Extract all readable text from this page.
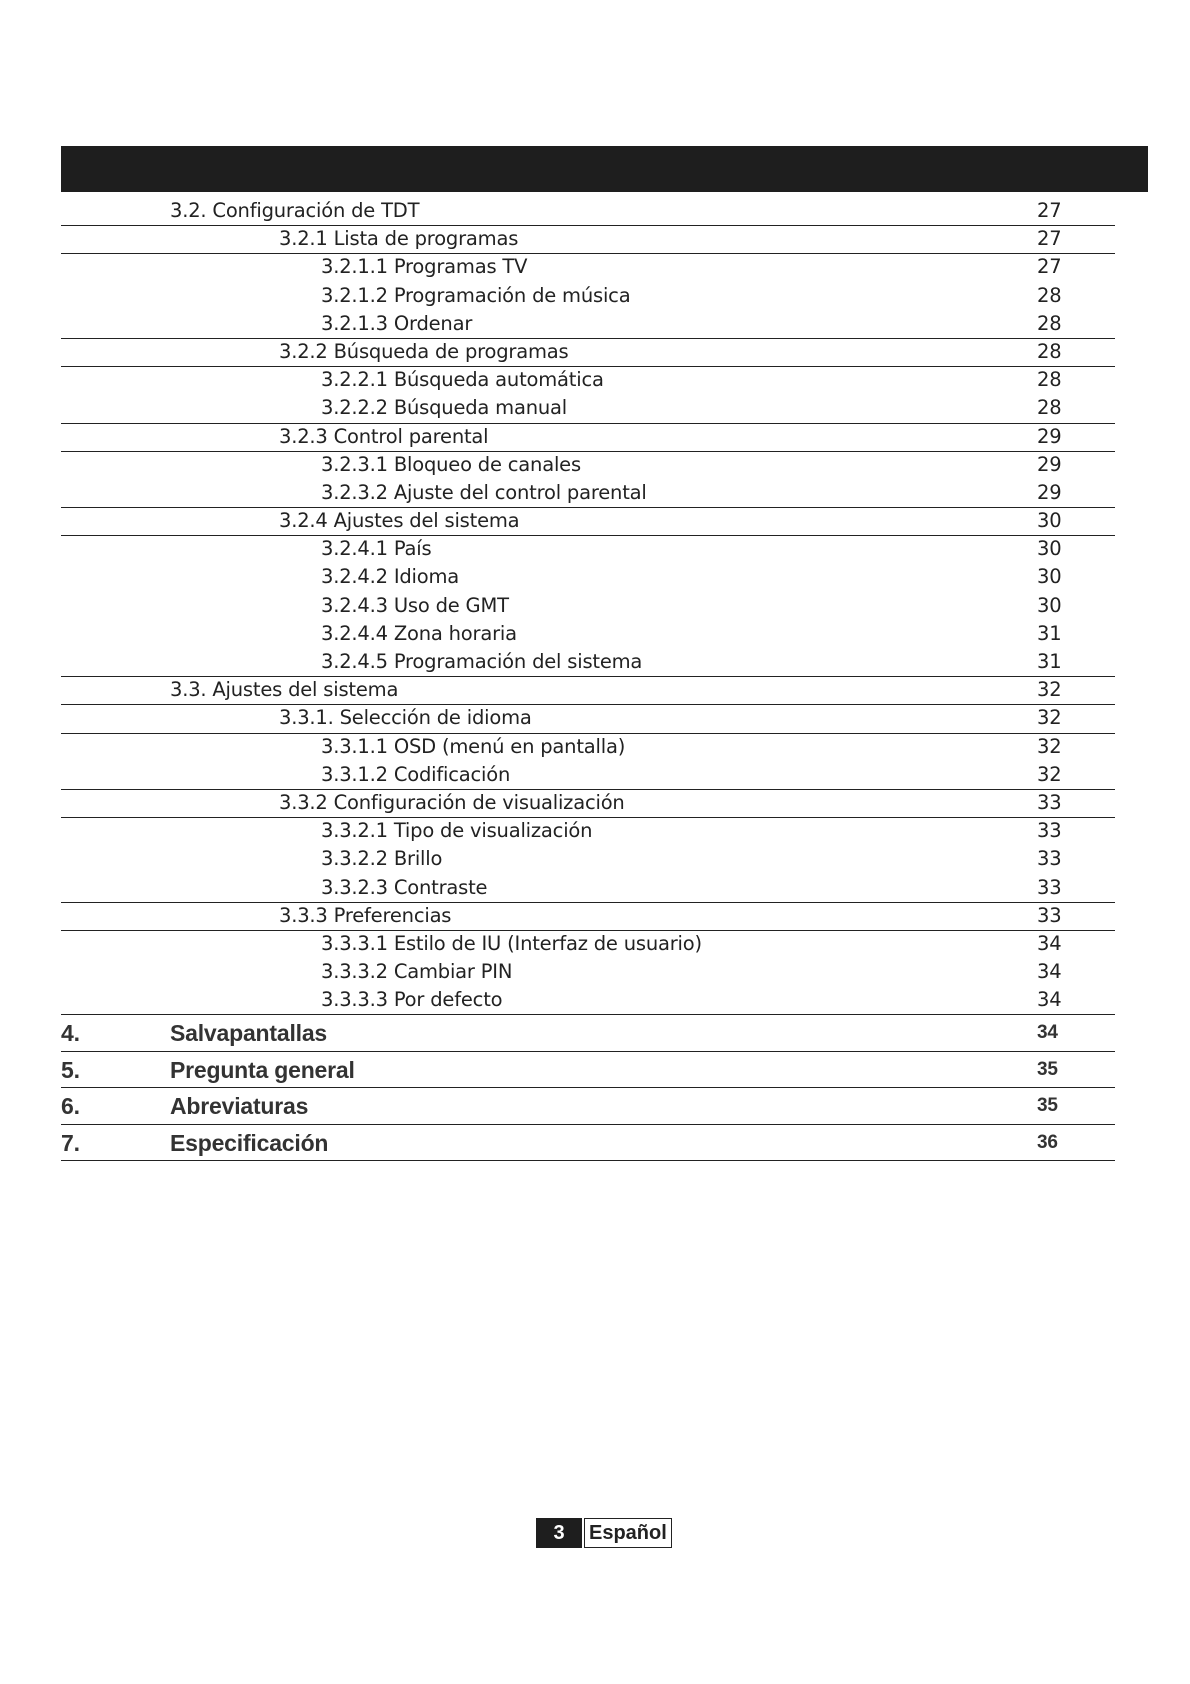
3.2. Configuración de TDT	27
3.2.1 Lista de programas	27
3.2.1.1 Programas TV	27
3.2.1.2 Programación de música	28
3.2.1.3 Ordenar	28
3.2.2 Búsqueda de programas	28
3.2.2.1 Búsqueda automática	28
3.2.2.2 Búsqueda manual	28
3.2.3 Control parental	29
3.2.3.1 Bloqueo de canales	29
3.2.3.2 Ajuste del control parental	29
3.2.4 Ajustes del sistema	30
3.2.4.1 País	30
3.2.4.2 Idioma	30
3.2.4.3 Uso de GMT	30
3.2.4.4 Zona horaria	31
3.2.4.5 Programación del sistema	31
3.3. Ajustes del sistema	32
3.3.1. Selección de idioma	32
3.3.1.1 OSD (menú en pantalla)	32
3.3.1.2 Codificación	32
3.3.2 Configuración de visualización	33
3.3.2.1 Tipo de visualización	33
3.3.2.2 Brillo	33
3.3.2.3 Contraste	33
3.3.3 Preferencias	33
3.3.3.1 Estilo de IU (Interfaz de usuario)	34
3.3.3.2 Cambiar PIN	34
3.3.3.3 Por defecto	34
4.	Salvapantallas	34
5.	Pregunta general	35
6.	Abreviaturas	35
7.	Especificación	36
3	Español
